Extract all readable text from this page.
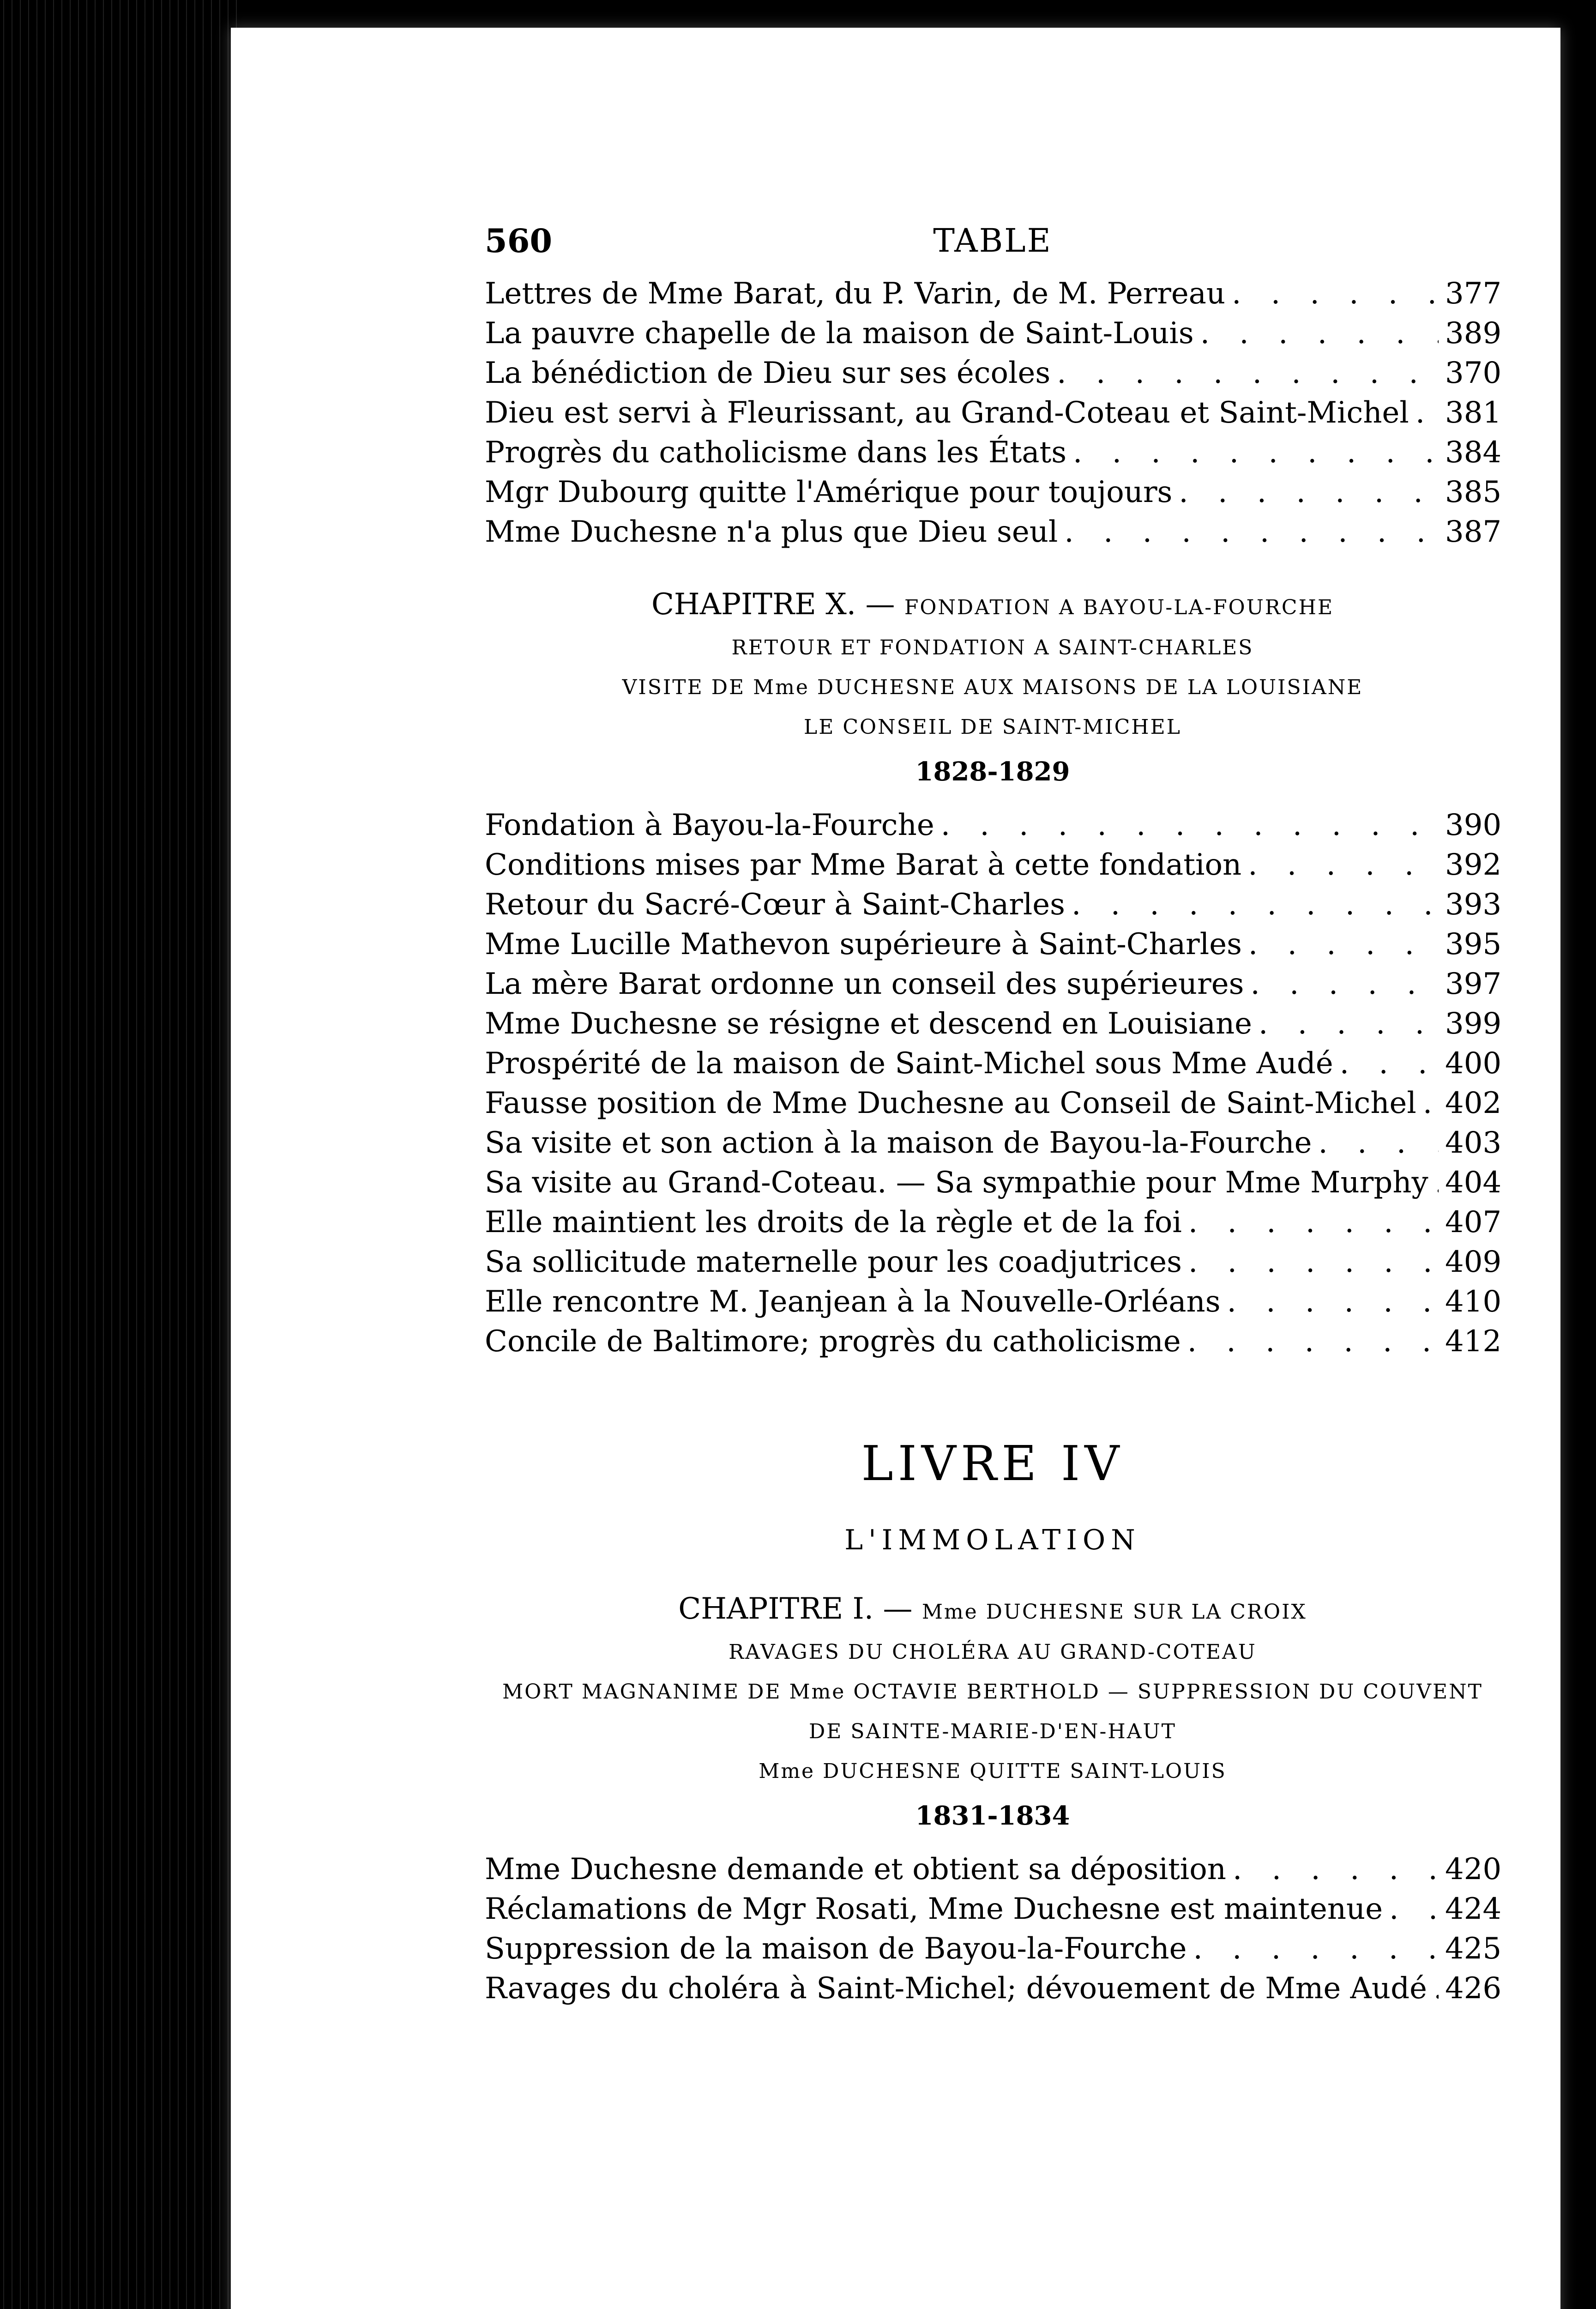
560	TABLE
Lettres de Mme Barat, du P. Varin, de M. Perreau . . .	377
La pauvre chapelle de la maison de Saint-Louis . . .	389
La bénédiction de Dieu sur ses écoles . . .	370
Dieu est servi à Fleurissant, au Grand-Coteau et Saint-Michel . . . 381
Progrès du catholicisme dans les États . . .	384
Mgr Dubourg quitte l'Amérique pour toujours . . .	385
Mme Duchesne n'a plus que Dieu seul . . .	387
CHAPITRE X. — FONDATION A BAYOU-LA-FOURCHE
RETOUR ET FONDATION A SAINT-CHARLES
VISITE DE Mme DUCHESNE AUX MAISONS DE LA LOUISIANE
LE CONSEIL DE SAINT-MICHEL
1828-1829
Fondation à Bayou-la-Fourche . . .	390
Conditions mises par Mme Barat à cette fondation . . .	392
Retour du Sacré-Cœur à Saint-Charles . . .	393
Mme Lucille Mathevon supérieure à Saint-Charles . . .	395
La mère Barat ordonne un conseil des supérieures . . .	397
Mme Duchesne se résigne et descend en Louisiane . . .	399
Prospérité de la maison de Saint-Michel sous Mme Audé . . .	400
Fausse position de Mme Duchesne au Conseil de Saint-Michel . . . 402
Sa visite et son action à la maison de Bayou-la-Fourche . . .	403
Sa visite au Grand-Coteau. — Sa sympathie pour Mme Murphy . . . 404
Elle maintient les droits de la règle et de la foi . . .	407
Sa sollicitude maternelle pour les coadjutrices . . .	409
Elle rencontre M. Jeanjean à la Nouvelle-Orléans . . .	410
Concile de Baltimore; progrès du catholicisme . . .	412
LIVRE IV
L'IMMOLATION
CHAPITRE I. — Mme DUCHESNE SUR LA CROIX
RAVAGES DU CHOLÉRA AU GRAND-COTEAU
MORT MAGNANIME DE Mme OCTAVIE BERTHOLD — SUPPRESSION DU COUVENT
DE SAINTE-MARIE-D'EN-HAUT
Mme DUCHESNE QUITTE SAINT-LOUIS
1831-1834
Mme Duchesne demande et obtient sa déposition . . .	420
Réclamations de Mgr Rosati, Mme Duchesne est maintenue . . . 424
Suppression de la maison de Bayou-la-Fourche . . .	425
Ravages du choléra à Saint-Michel; dévouement de Mme Audé . . . 426
